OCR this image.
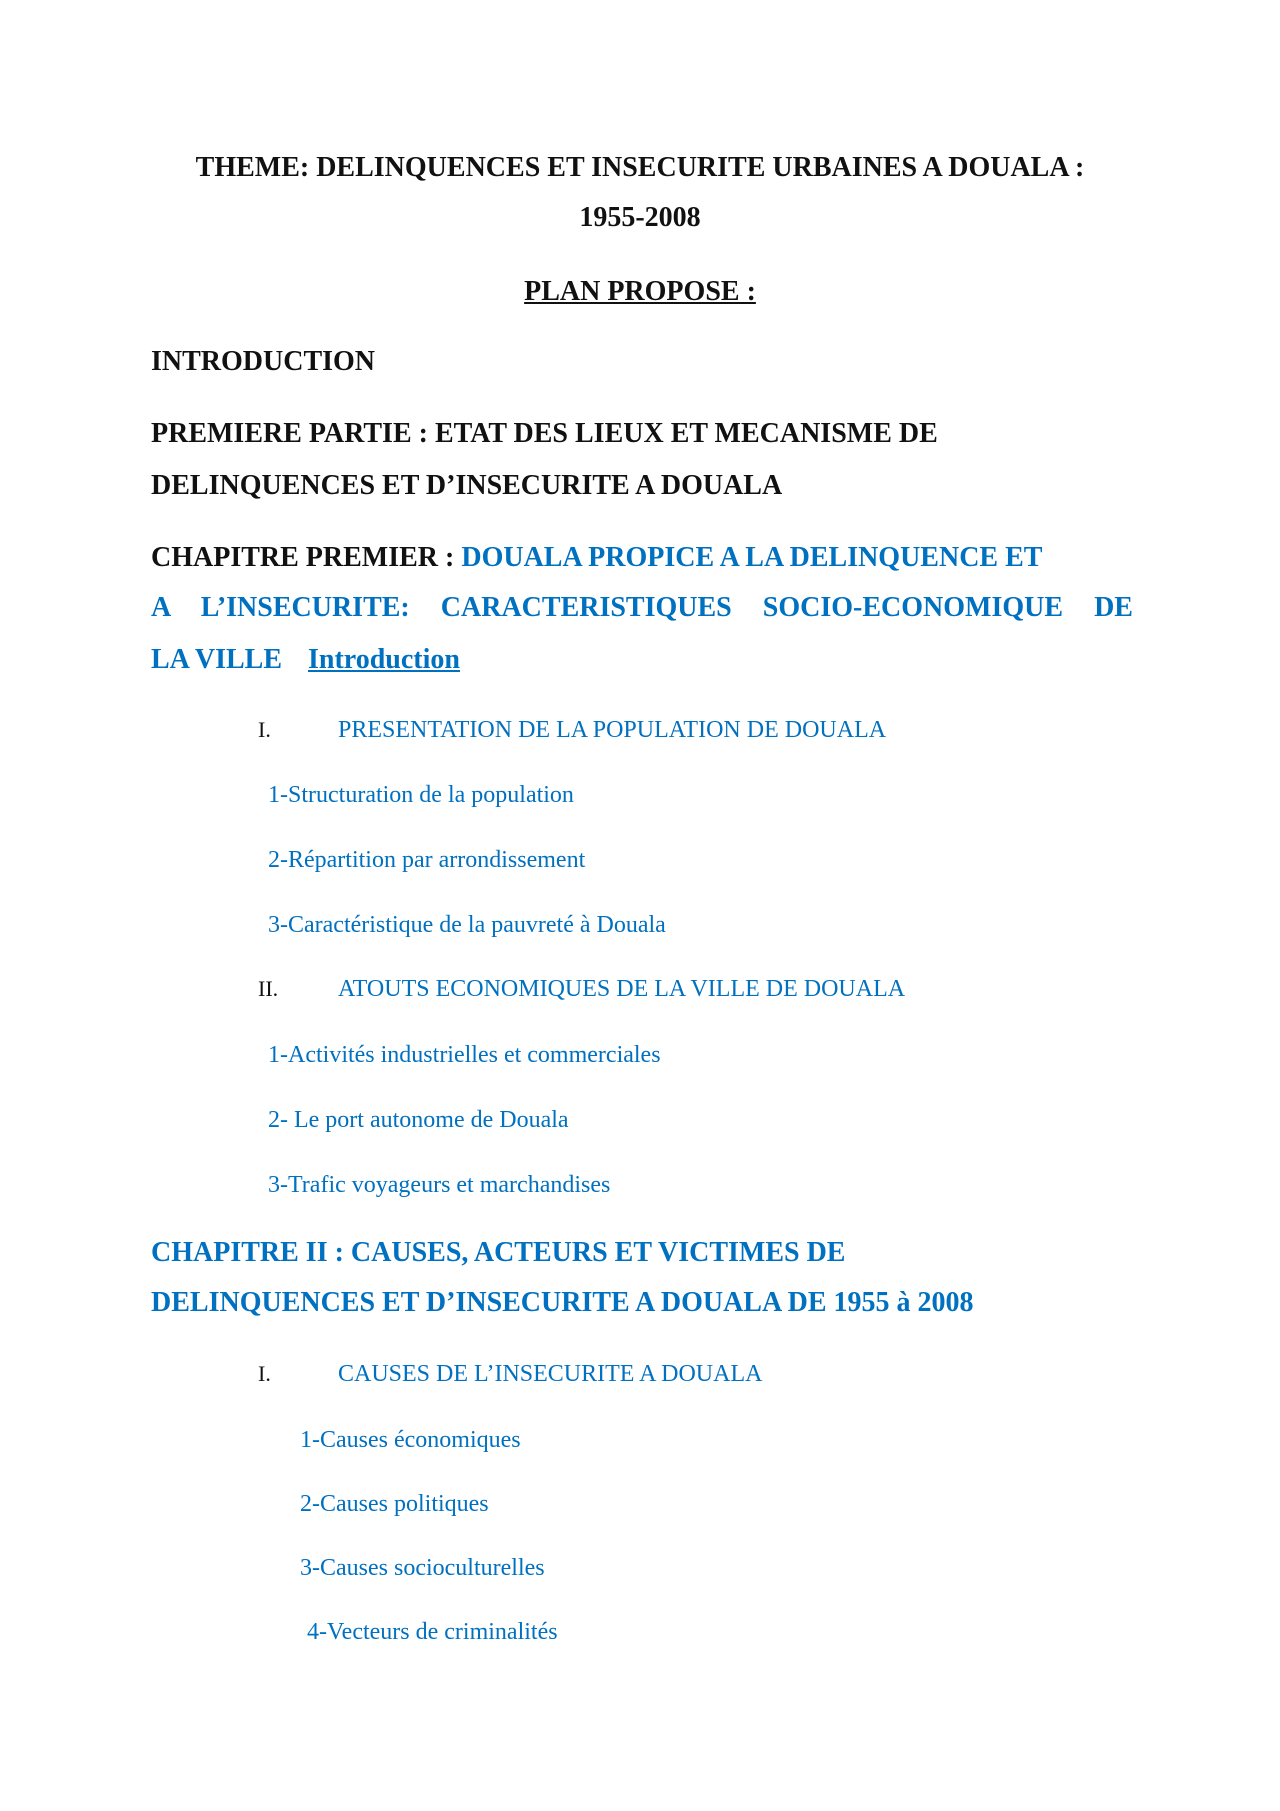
THEME: DELINQUENCES ET INSECURITE URBAINES A DOUALA :
1955-2008
PLAN PROPOSE :
INTRODUCTION
PREMIERE PARTIE : ETAT DES LIEUX ET MECANISME DE
DELINQUENCES ET D’INSECURITE A DOUALA
CHAPITRE PREMIER : DOUALA PROPICE A LA DELINQUENCE ET
A L’INSECURITE: CARACTERISTIQUES SOCIO-ECONOMIQUE DE
LA VILLE Introduction
I.	PRESENTATION DE LA POPULATION DE DOUALA
1-Structuration de la population
2-Répartition par arrondissement
3-Caractéristique de la pauvreté à Douala
II. ATOUTS ECONOMIQUES DE LA VILLE DE DOUALA
1-Activités industrielles et commerciales
2- Le port autonome de Douala
3-Trafic voyageurs et marchandises
CHAPITRE II : CAUSES, ACTEURS ET VICTIMES DE
DELINQUENCES ET D’INSECURITE A DOUALA DE 1955 à 2008
I.	CAUSES DE L’INSECURITE A DOUALA
1-Causes économiques
2-Causes politiques
3-Causes socioculturelles
4-Vecteurs de criminalités
